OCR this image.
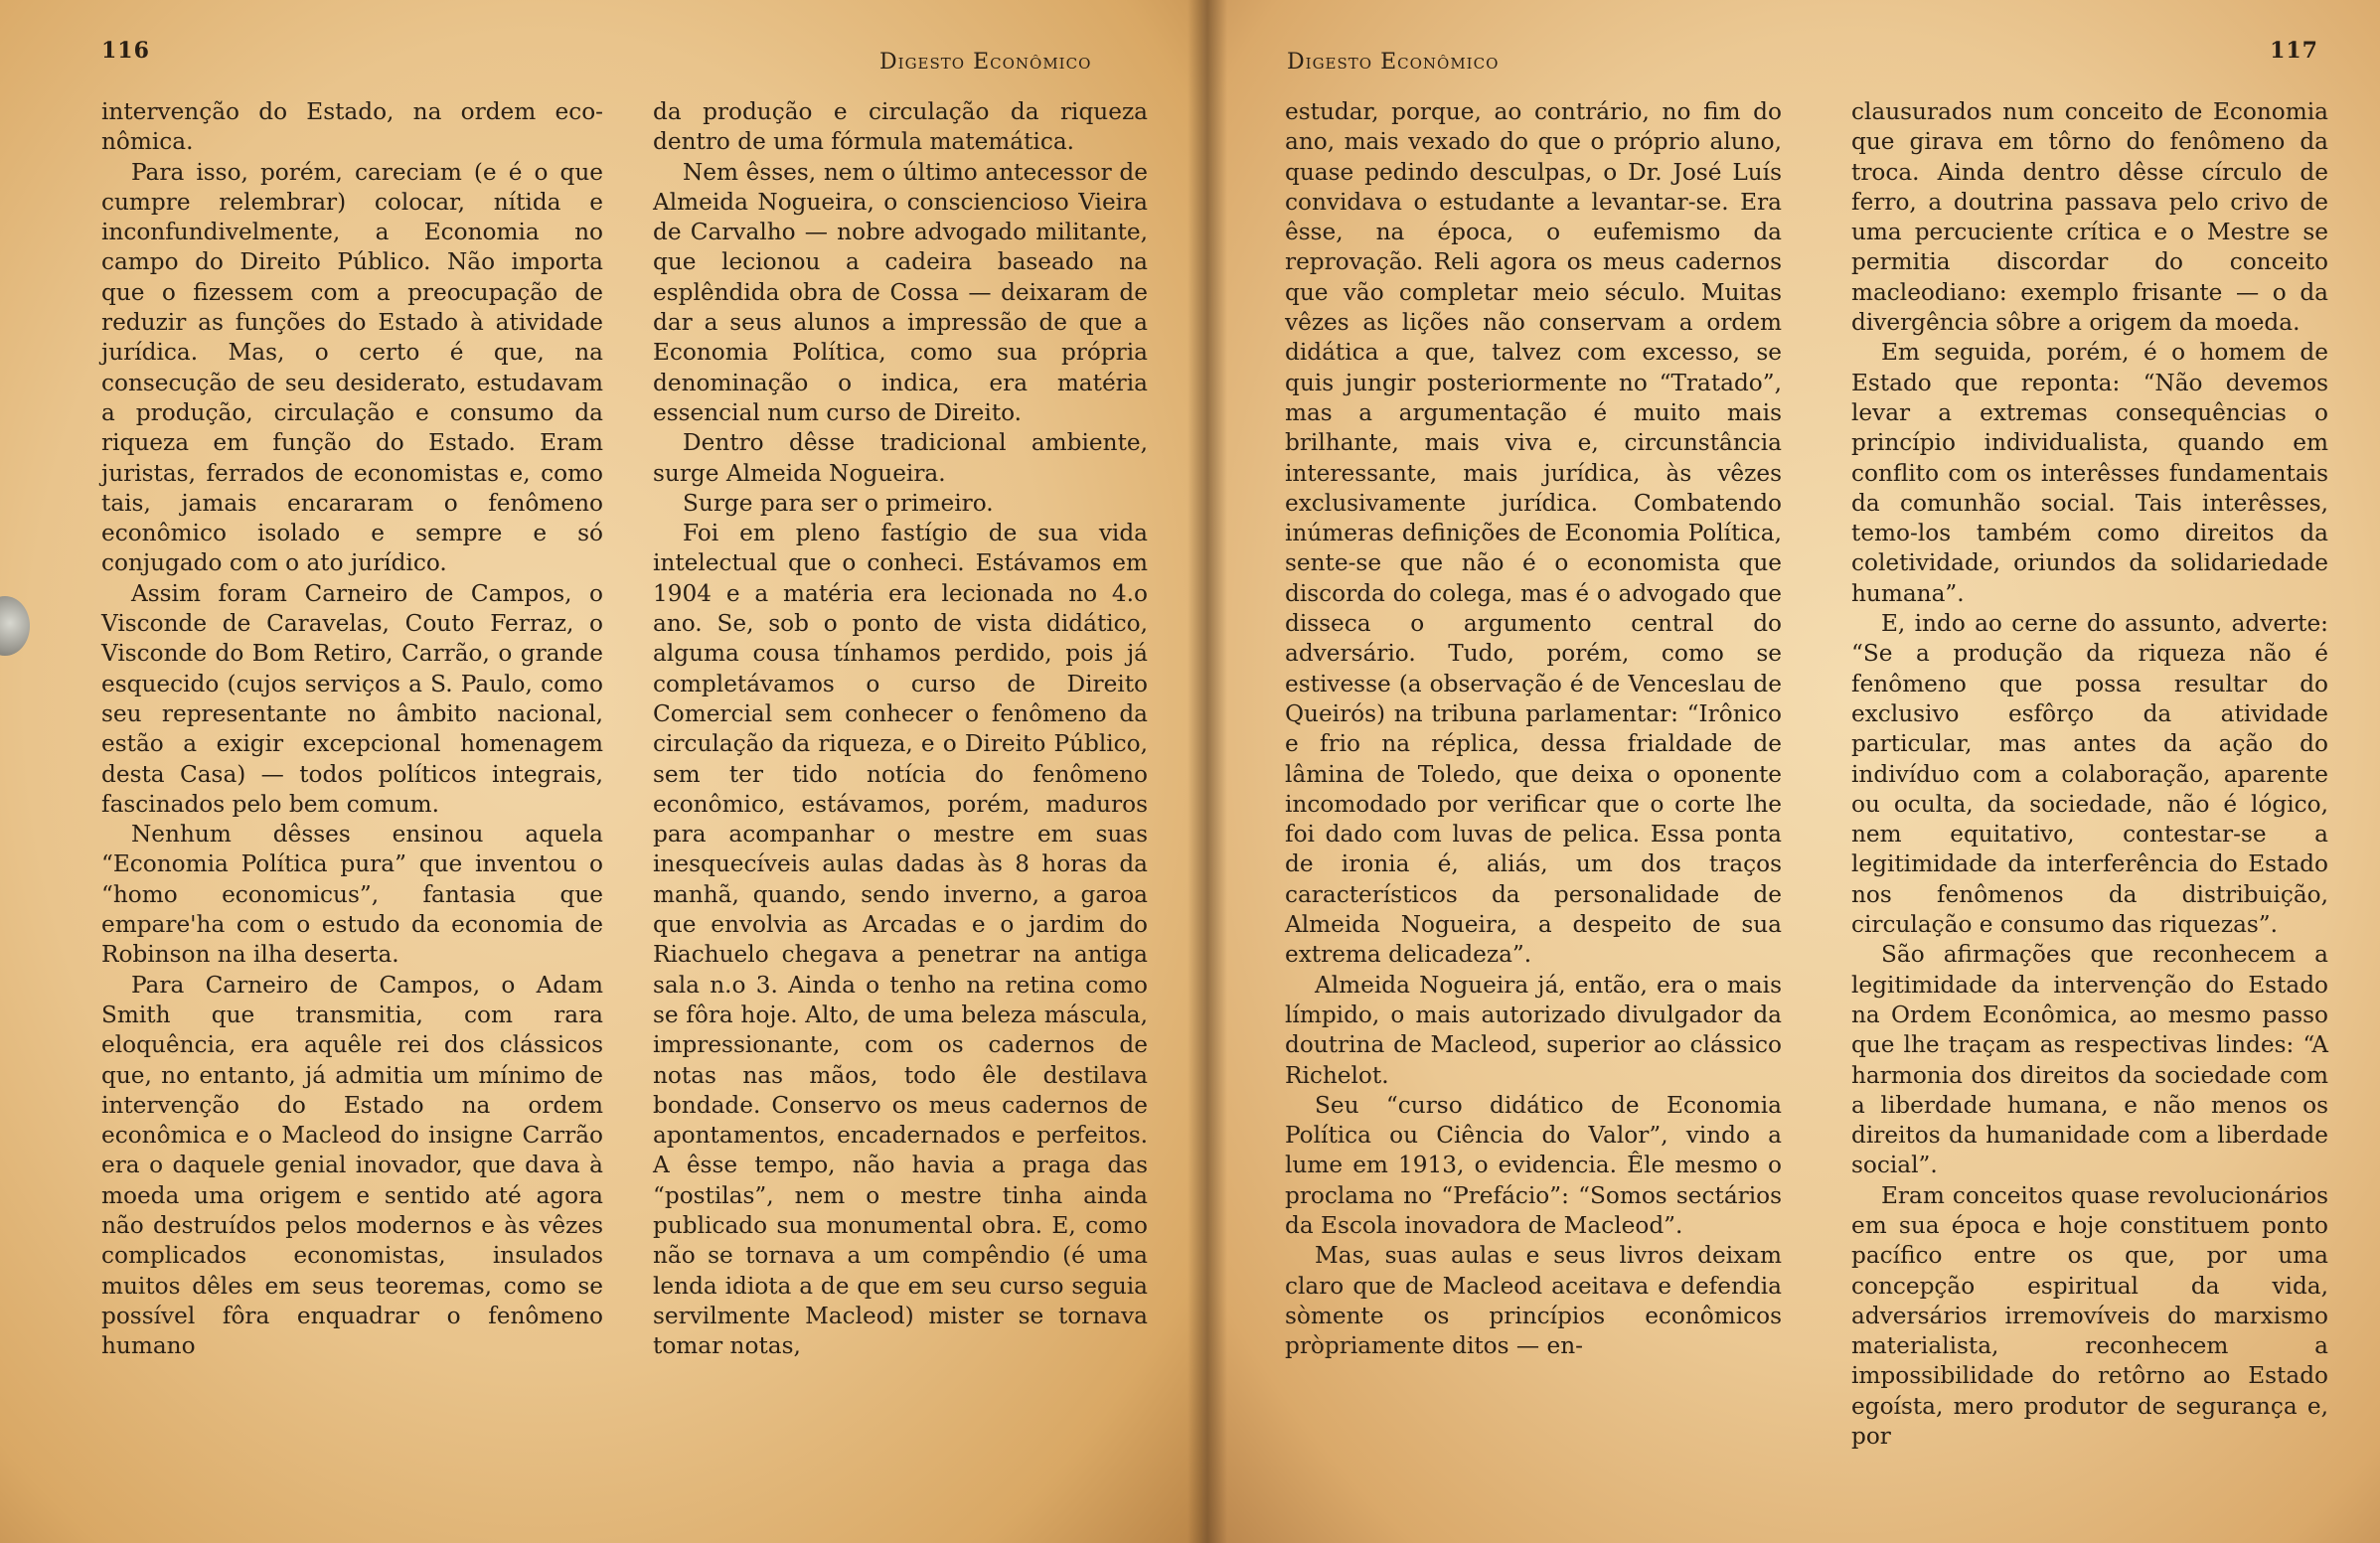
116	Digesto Econômico

intervenção do Estado, na ordem eco-nômica.

Para isso, porém, careciam (e é o que cumpre relembrar) colocar, nítida e inconfundivelmente, a Economia no campo do Direito Público. Não importa que o fizessem com a preocupação de reduzir as funções do Estado à atividade jurídica. Mas, o certo é que, na consecução de seu desiderato, estudavam a produção, circulação e consumo da riqueza em função do Estado. Eram juristas, ferrados de economistas e, como tais, jamais encararam o fenômeno econômico isolado e sempre e só conjugado com o ato jurídico.

Assim foram Carneiro de Campos, o Visconde de Caravelas, Couto Ferraz, o Visconde do Bom Retiro, Carrão, o grande esquecido (cujos serviços a S. Paulo, como seu representante no âmbito nacional, estão a exigir excepcional homenagem desta Casa) — todos políticos integrais, fascinados pelo bem comum.

Nenhum dêsses ensinou aquela “Economia Política pura” que inventou o “homo economicus”, fantasia que empare'ha com o estudo da economia de Robinson na ilha deserta.

Para Carneiro de Campos, o Adam Smith que transmitia, com rara eloquência, era aquêle rei dos clássicos que, no entanto, já admitia um mínimo de intervenção do Estado na ordem econômica e o Macleod do insigne Carrão era o daquele genial inovador, que dava à moeda uma origem e sentido até agora não destruídos pelos modernos e às vêzes complicados economistas, insulados muitos dêles em seus teoremas, como se possível fôra enquadrar o fenômeno humano

da produção e circulação da riqueza dentro de uma fórmula matemática.

Nem êsses, nem o último antecessor de Almeida Nogueira, o consciencioso Vieira de Carvalho — nobre advogado militante, que lecionou a cadeira baseado na esplêndida obra de Cossa — deixaram de dar a seus alunos a impressão de que a Economia Política, como sua própria denominação o indica, era matéria essencial num curso de Direito.

Dentro dêsse tradicional ambiente, surge Almeida Nogueira.

Surge para ser o primeiro.

Foi em pleno fastígio de sua vida intelectual que o conheci. Estávamos em 1904 e a matéria era lecionada no 4.o ano. Se, sob o ponto de vista didático, alguma cousa tínhamos perdido, pois já completávamos o curso de Direito Comercial sem conhecer o fenômeno da circulação da riqueza, e o Direito Público, sem ter tido notícia do fenômeno econômico, estávamos, porém, maduros para acompanhar o mestre em suas inesquecíveis aulas dadas às 8 horas da manhã, quando, sendo inverno, a garoa que envolvia as Arcadas e o jardim do Riachuelo chegava a penetrar na antiga sala n.o 3. Ainda o tenho na retina como se fôra hoje. Alto, de uma beleza máscula, impressionante, com os cadernos de notas nas mãos, todo êle destilava bondade. Conservo os meus cadernos de apontamentos, encadernados e perfeitos. A êsse tempo, não havia a praga das “postilas”, nem o mestre tinha ainda publicado sua monumental obra. E, como não se tornava a um compêndio (é uma lenda idiota a de que em seu curso seguia servilmente Macleod) mister se tornava tomar notas,

Digesto Econômico	117

estudar, porque, ao contrário, no fim do ano, mais vexado do que o próprio aluno, quase pedindo desculpas, o Dr. José Luís convidava o estudante a levantar-se. Era êsse, na época, o eufemismo da reprovação. Reli agora os meus cadernos que vão completar meio século. Muitas vêzes as lições não conservam a ordem didática a que, talvez com excesso, se quis jungir posteriormente no “Tratado”, mas a argumentação é muito mais brilhante, mais viva e, circunstância interessante, mais jurídica, às vêzes exclusivamente jurídica. Combatendo inúmeras definições de Economia Política, sente-se que não é o economista que discorda do colega, mas é o advogado que disseca o argumento central do adversário. Tudo, porém, como se estivesse (a observação é de Venceslau de Queirós) na tribuna parlamentar: “Irônico e frio na réplica, dessa frialdade de lâmina de Toledo, que deixa o oponente incomodado por verificar que o corte lhe foi dado com luvas de pelica. Essa ponta de ironia é, aliás, um dos traços característicos da personalidade de Almeida Nogueira, a despeito de sua extrema delicadeza”.

Almeida Nogueira já, então, era o mais límpido, o mais autorizado divulgador da doutrina de Macleod, superior ao clássico Richelot.

Seu “curso didático de Economia Política ou Ciência do Valor”, vindo a lume em 1913, o evidencia. Êle mesmo o proclama no “Prefácio”: “Somos sectários da Escola inovadora de Macleod”.

Mas, suas aulas e seus livros deixam claro que de Macleod aceitava e defendia sòmente os princípios econômicos pròpriamente ditos — en-

clausurados num conceito de Economia que girava em tôrno do fenômeno da troca. Ainda dentro dêsse círculo de ferro, a doutrina passava pelo crivo de uma percuciente crítica e o Mestre se permitia discordar do conceito macleodiano: exemplo frisante — o da divergência sôbre a origem da moeda.

Em seguida, porém, é o homem de Estado que reponta: “Não devemos levar a extremas consequências o princípio individualista, quando em conflito com os interêsses fundamentais da comunhão social. Tais interêsses, temo-los também como direitos da coletividade, oriundos da solidariedade humana”.

E, indo ao cerne do assunto, adverte: “Se a produção da riqueza não é fenômeno que possa resultar do exclusivo esfôrço da atividade particular, mas antes da ação do indivíduo com a colaboração, aparente ou oculta, da sociedade, não é lógico, nem equitativo, contestar-se a legitimidade da interferência do Estado nos fenômenos da distribuição, circulação e consumo das riquezas”.

São afirmações que reconhecem a legitimidade da intervenção do Estado na Ordem Econômica, ao mesmo passo que lhe traçam as respectivas lindes: “A harmonia dos direitos da sociedade com a liberdade humana, e não menos os direitos da humanidade com a liberdade social”.

Eram conceitos quase revolucionários em sua época e hoje constituem ponto pacífico entre os que, por uma concepção espiritual da vida, adversários irremovíveis do marxismo materialista, reconhecem a impossibilidade do retôrno ao Estado egoísta, mero produtor de segurança e, por
